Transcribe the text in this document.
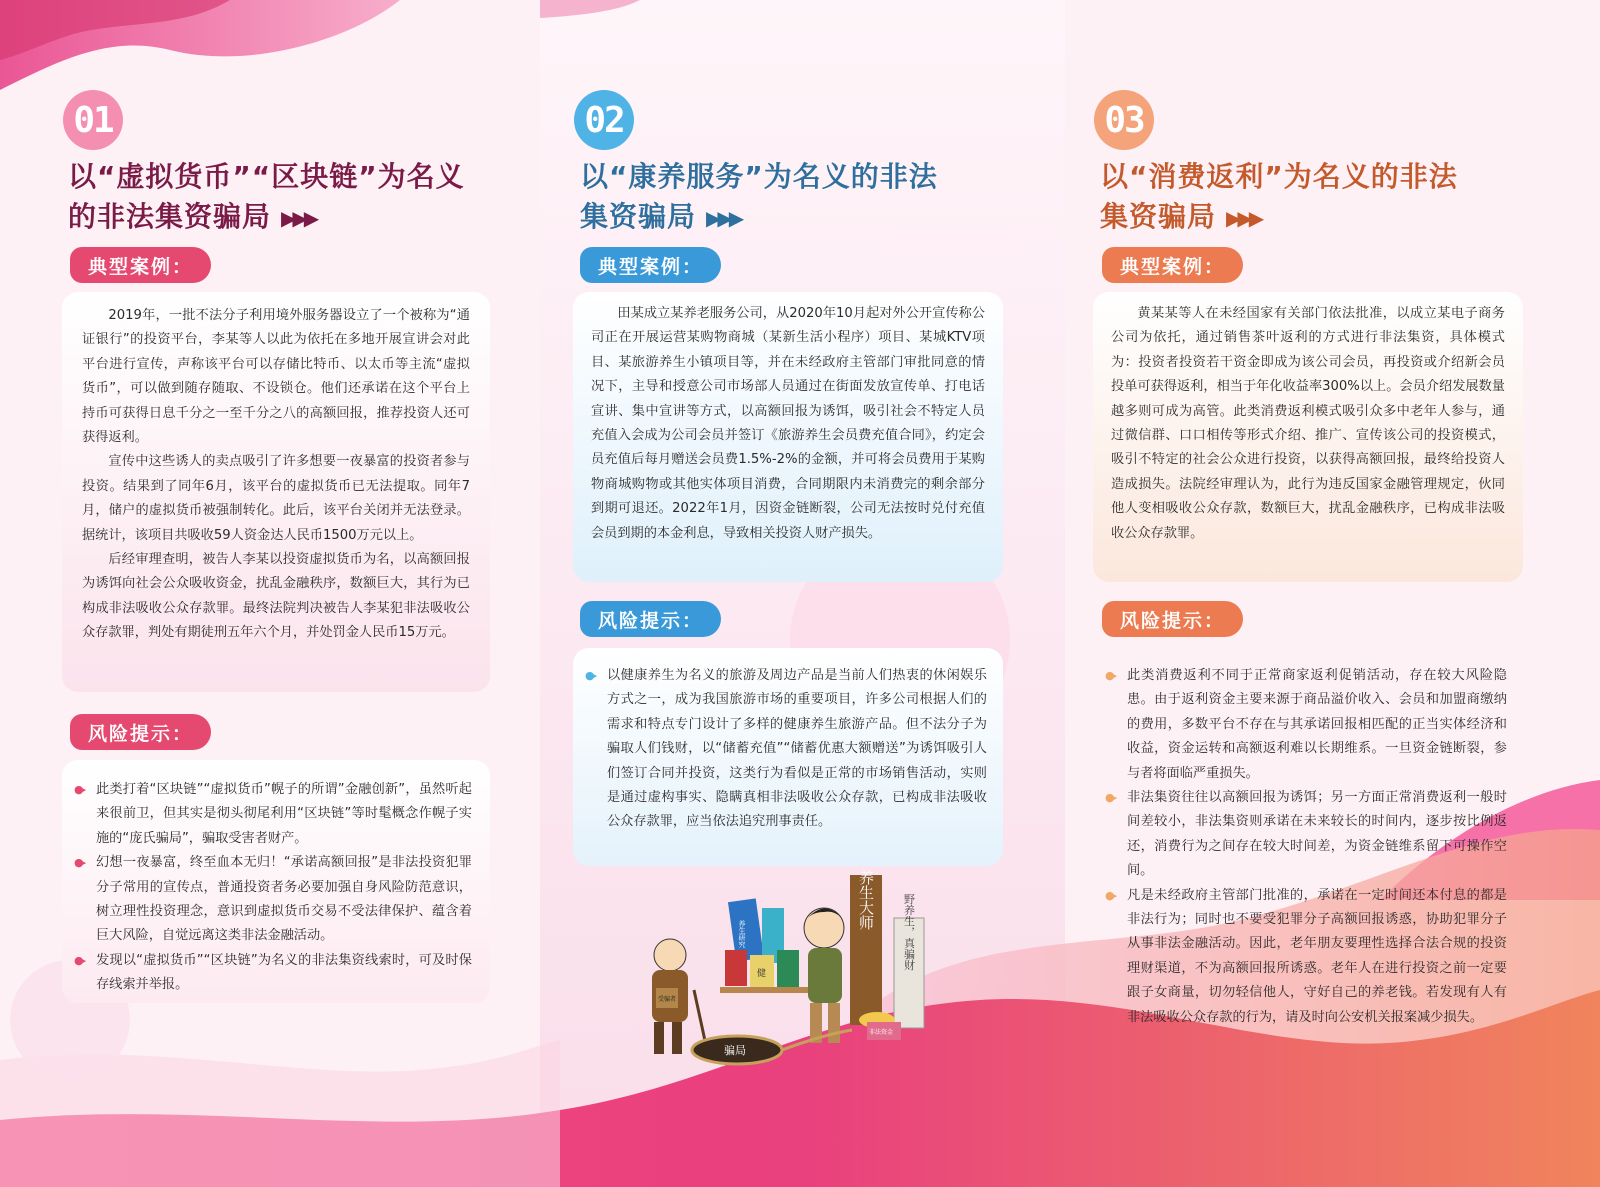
01
以“虚拟货币”“区块链”为名义
的非法集资骗局 ▶▶▶
典型案例：

2019年，一批不法分子利用境外服务器设立了一个被称为“通证银行”的投资平台，李某等人以此为依托在多地开展宣讲会对此平台进行宣传，声称该平台可以存储比特币、以太币等主流“虚拟货币”，可以做到随存随取、不设锁仓。他们还承诺在这个平台上持币可获得日息千分之一至千分之八的高额回报，推荐投资人还可获得返利。

宣传中这些诱人的卖点吸引了许多想要一夜暴富的投资者参与投资。结果到了同年6月，该平台的虚拟货币已无法提取。同年7月，储户的虚拟货币被强制转化。此后，该平台关闭并无法登录。据统计，该项目共吸收59人资金达人民币1500万元以上。

后经审理查明，被告人李某以投资虚拟货币为名，以高额回报为诱饵向社会公众吸收资金，扰乱金融秩序，数额巨大，其行为已构成非法吸收公众存款罪。最终法院判决被告人李某犯非法吸收公众存款罪，判处有期徒刑五年六个月，并处罚金人民币15万元。

风险提示：
●▸ 此类打着“区块链”“虚拟货币”幌子的所谓”金融创新”，虽然听起来很前卫，但其实是彻头彻尾利用“区块链”等时髦概念作幌子实施的“庞氏骗局”，骗取受害者财产。
●▸ 幻想一夜暴富，终至血本无归！“承诺高额回报”是非法投资犯罪分子常用的宣传点，普通投资者务必要加强自身风险防范意识，树立理性投资理念，意识到虚拟货币交易不受法律保护、蕴含着巨大风险，自觉远离这类非法金融活动。
●▸ 发现以“虚拟货币”“区块链”为名义的非法集资线索时，可及时保存线索并举报。
02
以“康养服务”为名义的非法
集资骗局 ▶▶▶
典型案例：

田某成立某养老服务公司，从2020年10月起对外公开宣传称公司正在开展运营某购物商城（某新生活小程序）项目、某城KTV项目、某旅游养生小镇项目等，并在未经政府主管部门审批同意的情况下，主导和授意公司市场部人员通过在街面发放宣传单、打电话宣讲、集中宣讲等方式，以高额回报为诱饵，吸引社会不特定人员充值入会成为公司会员并签订《旅游养生会员费充值合同》，约定会员充值后每月赠送会员费1.5%-2%的金额，并可将会员费用于某购物商城购物或其他实体项目消费，合同期限内未消费完的剩余部分到期可退还。2022年1月，因资金链断裂，公司无法按时兑付充值会员到期的本金利息，导致相关投资人财产损失。

风险提示：
●▸ 以健康养生为名义的旅游及周边产品是当前人们热衷的休闲娱乐方式之一，成为我国旅游市场的重要项目，许多公司根据人们的需求和特点专门设计了多样的健康养生旅游产品。但不法分子为骗取人们钱财，以“储蓄充值”“储蓄优惠大额赠送”为诱饵吸引人们签订合同并投资，这类行为看似是正常的市场销售活动，实则是通过虚构事实、隐瞒真相非法吸收公众存款，已构成非法吸收公众存款罪，应当依法追究刑事责任。
养生大师	野养生，真骗财
养生研究
健
受骗者
骗局
非法资金
03
以“消费返利”为名义的非法
集资骗局 ▶▶▶
典型案例：

黄某某等人在未经国家有关部门依法批准，以成立某电子商务公司为依托，通过销售茶叶返利的方式进行非法集资，具体模式为：投资者投资若干资金即成为该公司会员，再投资或介绍新会员投单可获得返利，相当于年化收益率300%以上。会员介绍发展数量越多则可成为高管。此类消费返利模式吸引众多中老年人参与，通过微信群、口口相传等形式介绍、推广、宣传该公司的投资模式，吸引不特定的社会公众进行投资，以获得高额回报，最终给投资人造成损失。法院经审理认为，此行为违反国家金融管理规定，伙同他人变相吸收公众存款，数额巨大，扰乱金融秩序，已构成非法吸收公众存款罪。

风险提示：
●▸ 此类消费返利不同于正常商家返利促销活动，存在较大风险隐患。由于返利资金主要来源于商品溢价收入、会员和加盟商缴纳的费用，多数平台不存在与其承诺回报相匹配的正当实体经济和收益，资金运转和高额返利难以长期维系。一旦资金链断裂，参与者将面临严重损失。
●▸ 非法集资往往以高额回报为诱饵；另一方面正常消费返利一般时间差较小，非法集资则承诺在未来较长的时间内，逐步按比例返还，消费行为之间存在较大时间差，为资金链维系留下可操作空间。
●▸ 凡是未经政府主管部门批准的，承诺在一定时间还本付息的都是非法行为；同时也不要受犯罪分子高额回报诱惑，协助犯罪分子从事非法金融活动。因此，老年朋友要理性选择合法合规的投资理财渠道，不为高额回报所诱惑。老年人在进行投资之前一定要跟子女商量，切勿轻信他人，守好自己的养老钱。若发现有人有非法吸收公众存款的行为，请及时向公安机关报案减少损失。
